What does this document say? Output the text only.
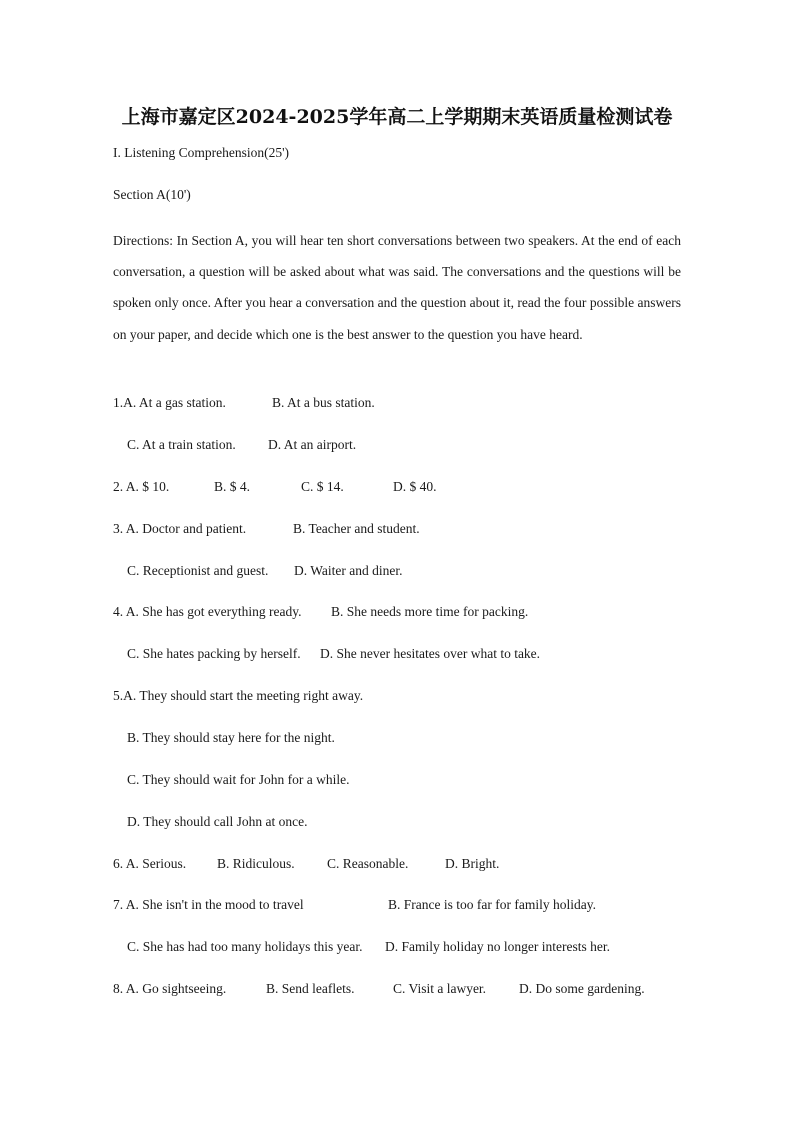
上海市嘉定区2024-2025学年高二上学期期末英语质量检测试卷
I. Listening Comprehension(25')
Section A(10')
Directions: In Section A, you will hear ten short conversations between two speakers. At the end of each conversation, a question will be asked about what was said. The conversations and the questions will be spoken only once. After you hear a conversation and the question about it, read the four possible answers on your paper, and decide which one is the best answer to the question you have heard.
1.A. At a gas station.	B. At a bus station.
C. At a train station. D. At an airport.
2. A. $ 10.	B. $ 4.	C. $ 14.	D. $ 40.
3. A. Doctor and patient.	B. Teacher and student.
C. Receptionist and guest. D. Waiter and diner.
4. A. She has got everything ready. B. She needs more time for packing.
C. She hates packing by herself. D. She never hesitates over what to take.
5.A. They should start the meeting right away.
B. They should stay here for the night.
C. They should wait for John for a while.
D. They should call John at once.
6. A. Serious. B. Ridiculous. C. Reasonable.	D. Bright.
7. A. She isn't in the mood to travel	B. France is too far for family holiday.
C. She has had too many holidays this year. D. Family holiday no longer interests her.
8. A. Go sightseeing.	B. Send leaflets.	C. Visit a lawyer. D. Do some gardening.
